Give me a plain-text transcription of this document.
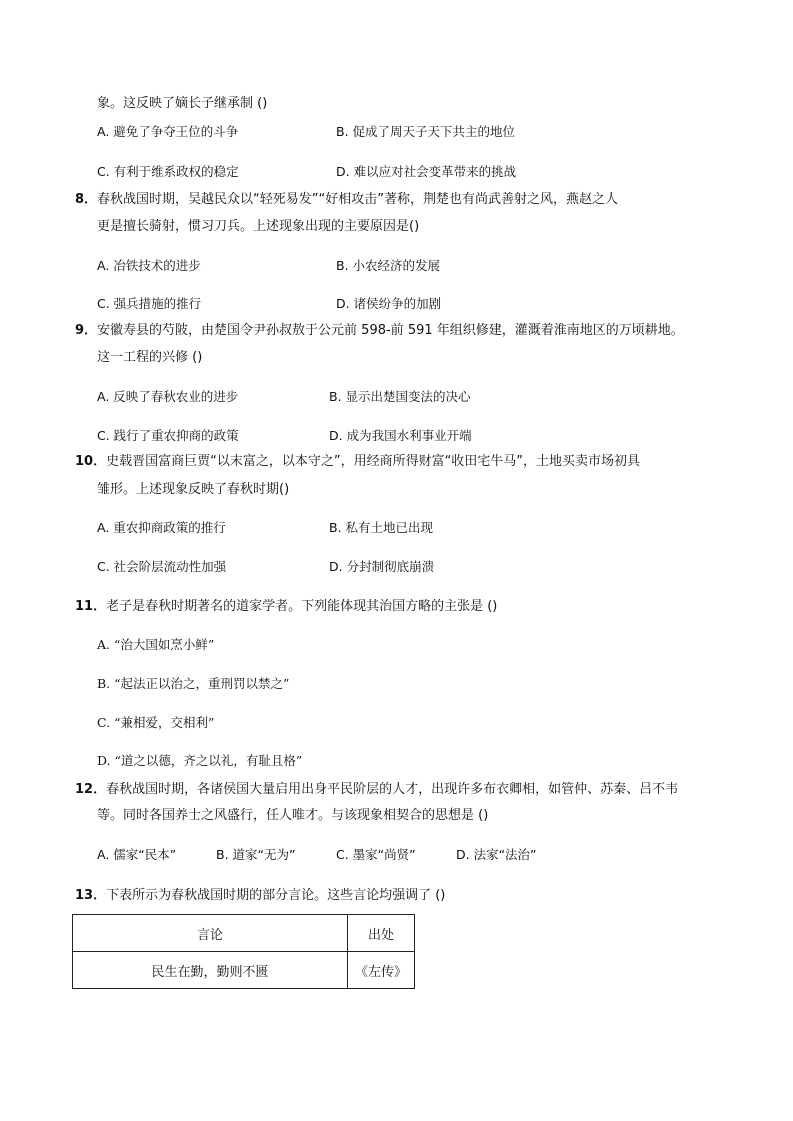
象。这反映了嫡长子继承制 ()
A. 避免了争夺王位的斗争	B. 促成了周天子天下共主的地位
C. 有利于维系政权的稳定	D. 难以应对社会变革带来的挑战
8．春秋战国时期，吴越民众以“轻死易发”“好相攻击”著称，荆楚也有尚武善射之风，燕赵之人
更是擅长骑射，惯习刀兵。上述现象出现的主要原因是()
A. 冶铁技术的进步	B. 小农经济的发展
C. 强兵措施的推行	D. 诸侯纷争的加剧
9．安徽寿县的芍陂，由楚国令尹孙叔敖于公元前 598-前 591 年组织修建，灌溉着淮南地区的万顷耕地。
这一工程的兴修 ()
A. 反映了春秋农业的进步	B. 显示出楚国变法的决心
C. 践行了重农抑商的政策	D. 成为我国水利事业开端
10．史载晋国富商巨贾“以末富之，以本守之”，用经商所得财富“收田宅牛马”，土地买卖市场初具
雏形。上述现象反映了春秋时期()
A. 重农抑商政策的推行	B. 私有土地已出现
C. 社会阶层流动性加强	D. 分封制彻底崩溃
11．老子是春秋时期著名的道家学者。下列能体现其治国方略的主张是 ()
A. “治大国如烹小鲜”
B. “起法正以治之，重刑罚以禁之”
C. “兼相爱，交相利”
D. “道之以德，齐之以礼，有耻且格”
12．春秋战国时期，各诸侯国大量启用出身平民阶层的人才，出现许多布衣卿相，如管仲、苏秦、吕不韦
等。同时各国养士之风盛行，任人唯才。与该现象相契合的思想是 ()
A. 儒家“民本”	B. 道家“无为”	C. 墨家“尚贤”	D. 法家“法治”
13．下表所示为春秋战国时期的部分言论。这些言论均强调了 ()
言论	出处
民生在勤，勤则不匮	《左传》
